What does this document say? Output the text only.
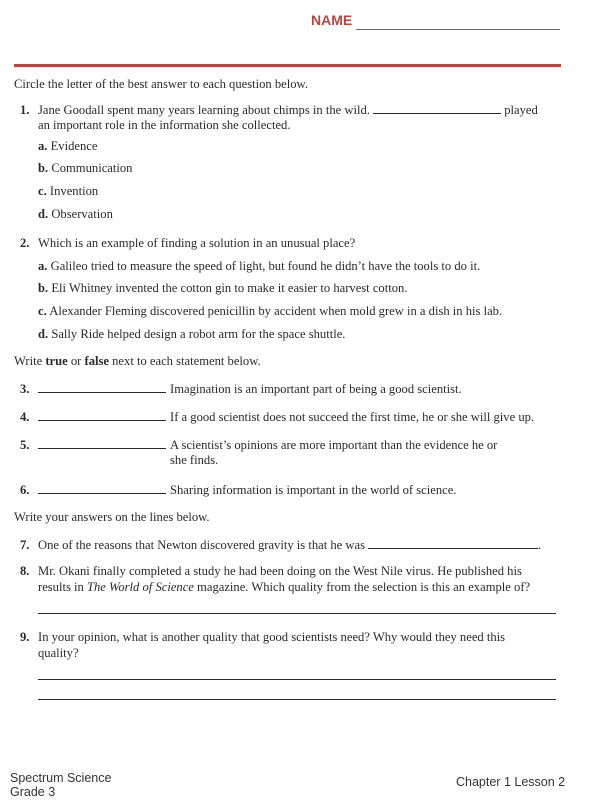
NAME
Circle the letter of the best answer to each question below.
1. Jane Goodall spent many years learning about chimps in the wild.	played
an important role in the information she collected.
a. Evidence
b. Communication
c. Invention
d. Observation
2. Which is an example of finding a solution in an unusual place?
a. Galileo tried to measure the speed of light, but found he didn’t have the tools to do it.
b. Eli Whitney invented the cotton gin to make it easier to harvest cotton.
c. Alexander Fleming discovered penicillin by accident when mold grew in a dish in his lab.
d. Sally Ride helped design a robot arm for the space shuttle.
Write true or false next to each statement below.
3.	Imagination is an important part of being a good scientist.
4.	If a good scientist does not succeed the first time, he or she will give up.
5.	A scientist’s opinions are more important than the evidence he or
she finds.
6.	Sharing information is important in the world of science.
Write your answers on the lines below.
7. One of the reasons that Newton discovered gravity is that he was	.
8. Mr. Okani finally completed a study he had been doing on the West Nile virus. He published his
results in The World of Science magazine. Which quality from the selection is this an example of?
9. In your opinion, what is another quality that good scientists need? Why would they need this
quality?
Spectrum Science
Grade 3
Chapter 1 Lesson 2
